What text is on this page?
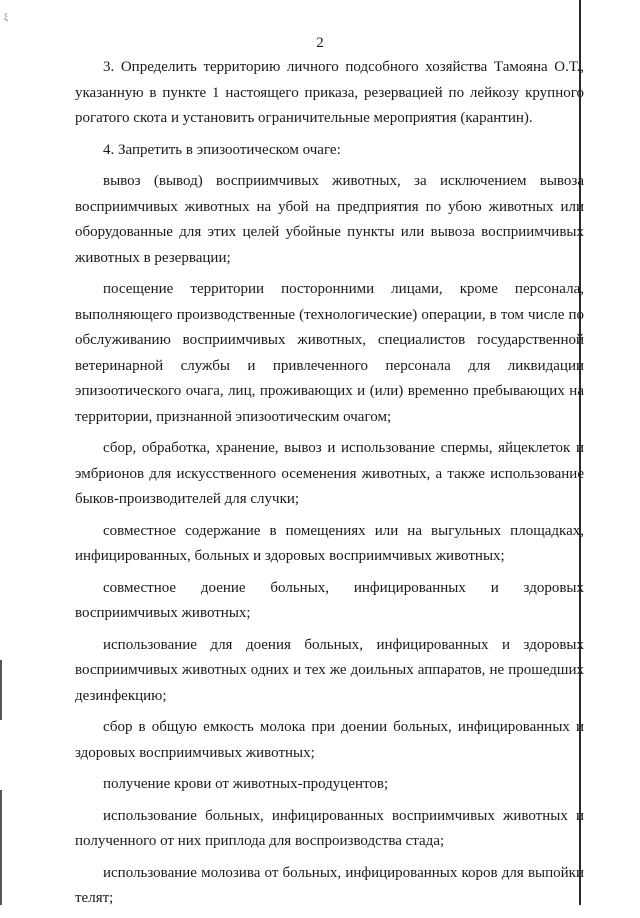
ξ
2

3. Определить территорию личного подсобного хозяйства Тамояна О.Т., указанную в пункте 1 настоящего приказа, резервацией по лейкозу крупного рогатого скота и установить ограничительные мероприятия (карантин).

4. Запретить в эпизоотическом очаге:

вывоз (вывод) восприимчивых животных, за исключением вывоза восприимчивых животных на убой на предприятия по убою животных или оборудованные для этих целей убойные пункты или вывоза восприимчивых животных в резервации;

посещение территории посторонними лицами, кроме персонала, выполняющего производственные (технологические) операции, в том числе по обслуживанию восприимчивых животных, специалистов государственной ветеринарной службы и привлеченного персонала для ликвидации эпизоотического очага, лиц, проживающих и (или) временно пребывающих на территории, признанной эпизоотическим очагом;

сбор, обработка, хранение, вывоз и использование спермы, яйцеклеток и эмбрионов для искусственного осеменения животных, а также использование быков-производителей для случки;

совместное содержание в помещениях или на выгульных площадках, инфицированных, больных и здоровых восприимчивых животных;

совместное доение больных, инфицированных и здоровых восприимчивых животных;

использование для доения больных, инфицированных и здоровых восприимчивых животных одних и тех же доильных аппаратов, не прошедших дезинфекцию;

сбор в общую емкость молока при доении больных, инфицированных и здоровых восприимчивых животных;

получение крови от животных-продуцентов;

использование больных, инфицированных восприимчивых животных и полученного от них приплода для воспроизводства стада;

использование молозива от больных, инфицированных коров для выпойки телят;
